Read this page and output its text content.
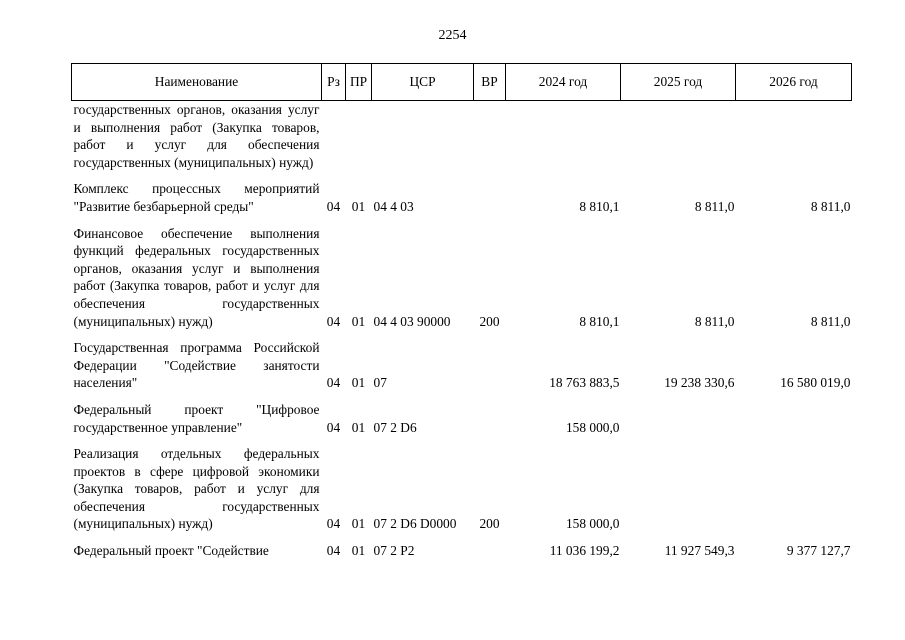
2254
Наименование	Рз	ПР	ЦСР	ВР	2024 год	2025 год	2026 год
государственных органов, оказания услуг и выполнения работ (Закупка товаров, работ и услуг для обеспечения государственных (муниципальных) нужд)							
Комплекс процессных мероприятий "Развитие безбарьерной среды"	04	01	04 4 03		8 810,1	8 811,0	8 811,0
Финансовое обеспечение выполнения функций федеральных государственных органов, оказания услуг и выполнения работ (Закупка товаров, работ и услуг для обеспечения государственных (муниципальных) нужд)	04	01	04 4 03 90000	200	8 810,1	8 811,0	8 811,0
Государственная программа Российской Федерации "Содействие занятости населения"	04	01	07		18 763 883,5	19 238 330,6	16 580 019,0
Федеральный проект "Цифровое государственное управление"	04	01	07 2 D6		158 000,0		
Реализация отдельных федеральных проектов в сфере цифровой экономики (Закупка товаров, работ и услуг для обеспечения государственных (муниципальных) нужд)	04	01	07 2 D6 D0000	200	158 000,0		
Федеральный проект "Содействие	04	01	07 2 P2		11 036 199,2	11 927 549,3	9 377 127,7
